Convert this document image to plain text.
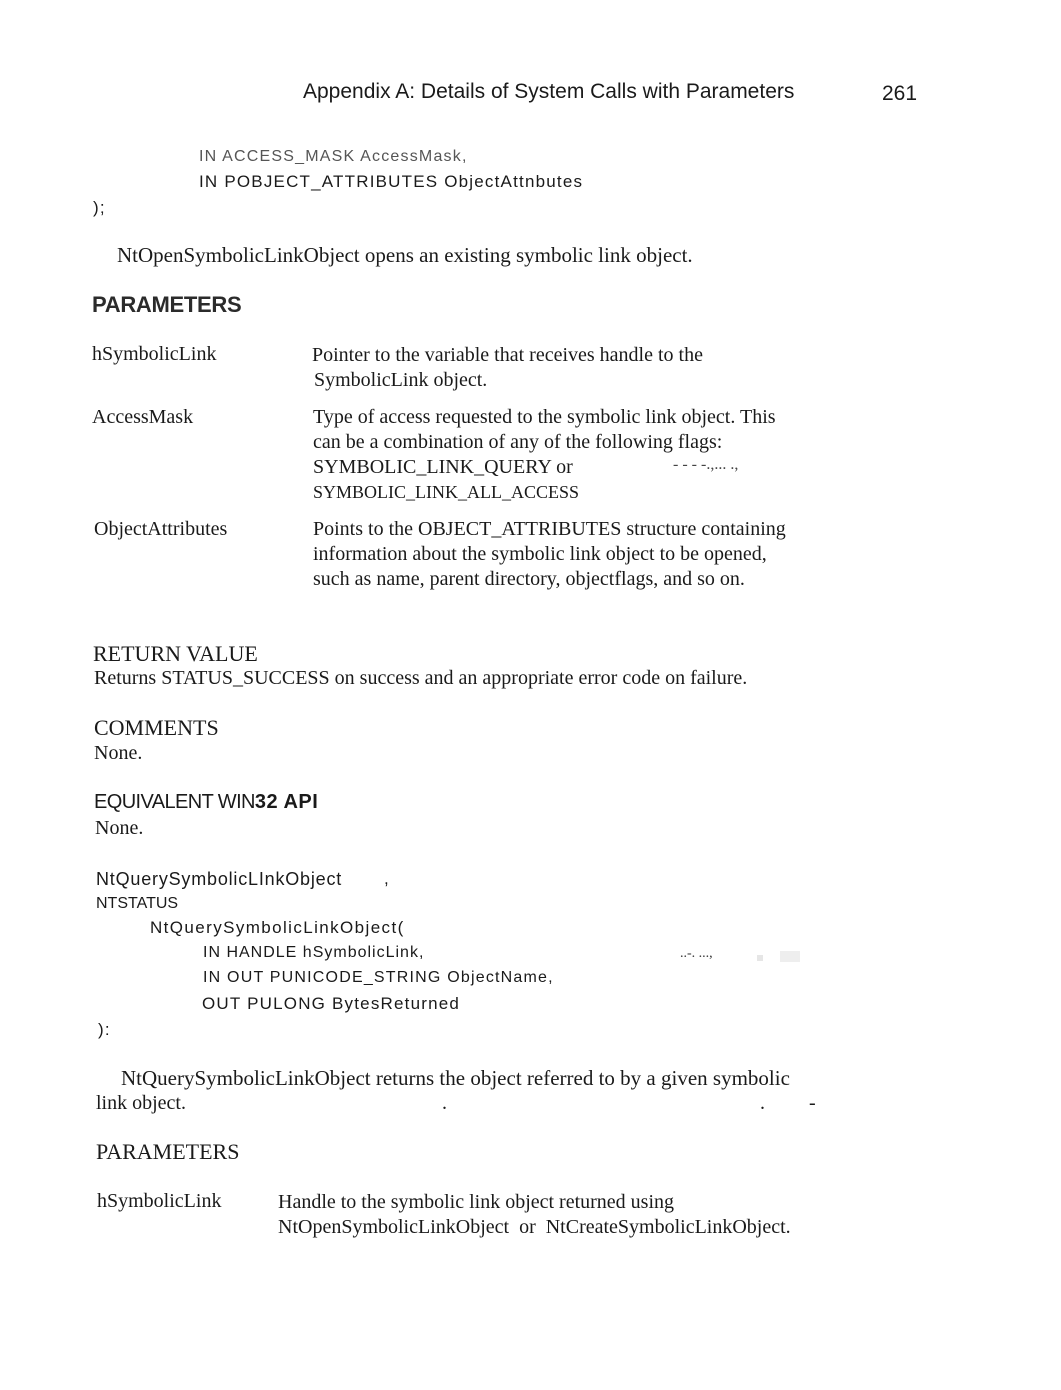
Appendix A: Details of System Calls with Parameters	261
IN ACCESS_MASK AccessMask,
IN POBJECT_ATTRIBUTES ObjectAttnbutes
);
NtOpenSymbolicLinkObject opens an existing symbolic link object.
PARAMETERS
hSymbolicLink	Pointer to the variable that receives handle to the
SymbolicLink object.
AccessMask	Type of access requested to the symbolic link object. This
can be a combination of any of the following flags:
SYMBOLIC_LINK_QUERY or
SYMBOLIC_LINK_ALL_ACCESS
- - - -.,... .,
ObjectAttributes	Points to the OBJECT_ATTRIBUTES structure containing
information about the symbolic link object to be opened,
such as name, parent directory, objectflags, and so on.
RETURN VALUE
Returns STATUS_SUCCESS on success and an appropriate error code on failure.
COMMENTS
None.
EQUIVALENT WIN32 API
None.
NtQuerySymbolicLInkObject ,
NTSTATUS
NtQuerySymbolicLinkObject(
IN HANDLE hSymbolicLink,	..-. ...,
IN OUT PUNICODE_STRING ObjectName,
OUT PULONG BytesReturned
):
NtQuerySymbolicLinkObject returns the object referred to by a given symbolic
link object.	.	. -
PARAMETERS
hSymbolicLink	Handle to the symbolic link object returned using
NtOpenSymbolicLinkObject  or  NtCreateSymbolicLinkObject.
